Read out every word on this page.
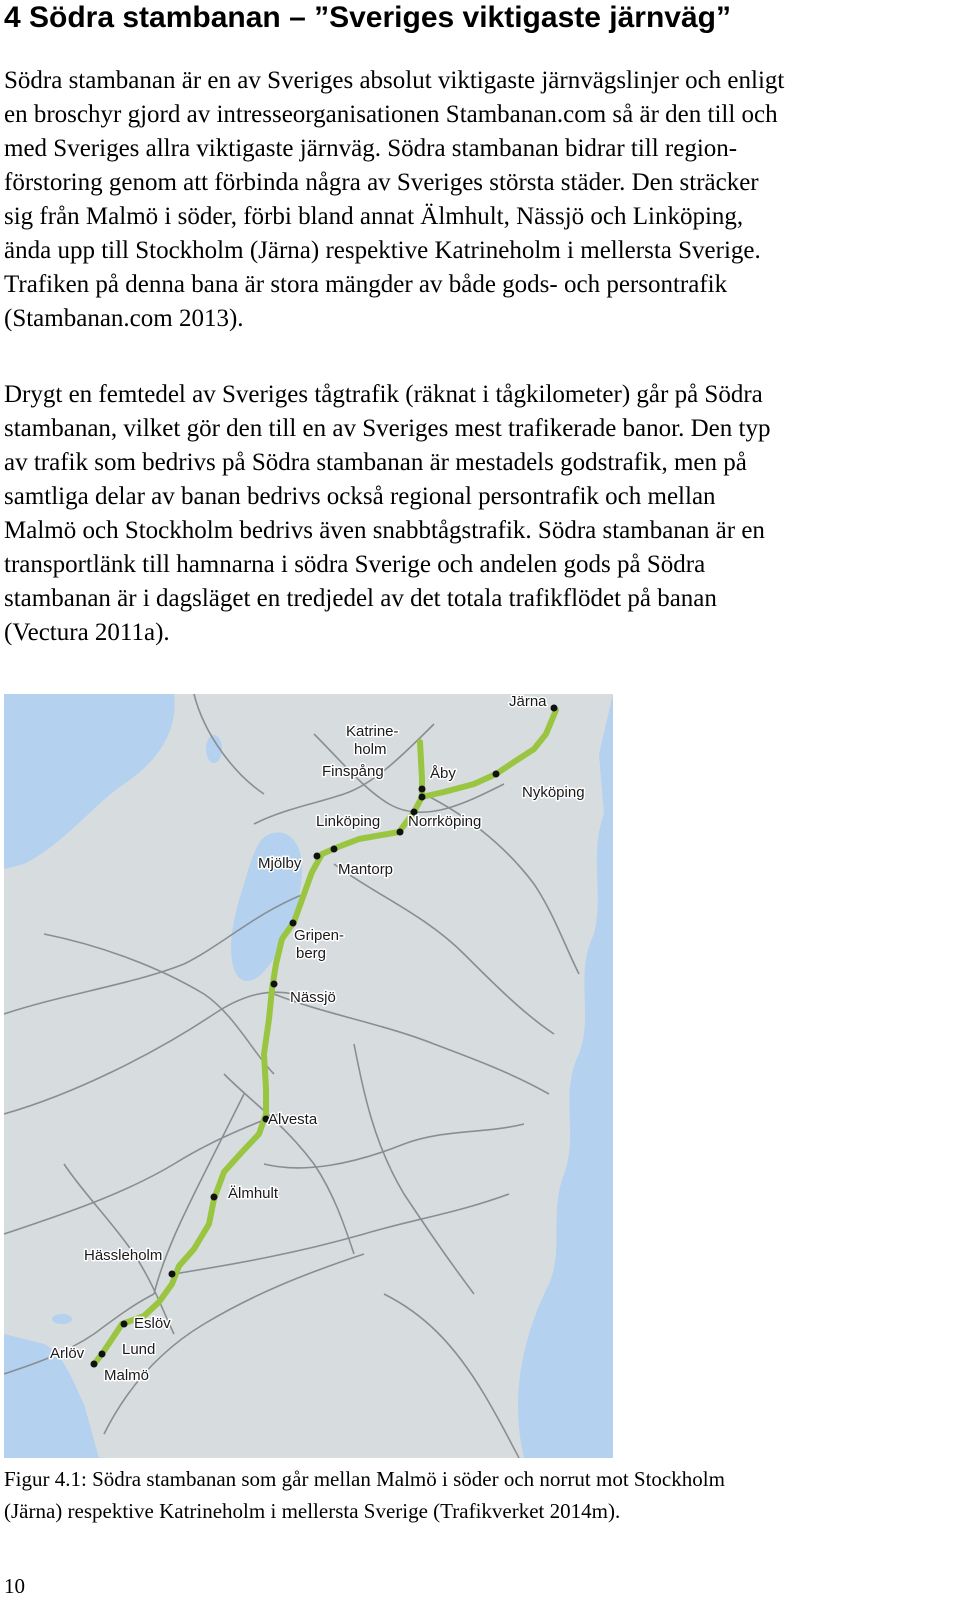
4 Södra stambanan – ”Sveriges viktigaste järnväg”
Södra stambanan är en av Sveriges absolut viktigaste järnvägslinjer och enligt
en broschyr gjord av intresseorganisationen Stambanan.com så är den till och
med Sveriges allra viktigaste järnväg. Södra stambanan bidrar till region-
förstoring genom att förbinda några av Sveriges största städer. Den sträcker
sig från Malmö i söder, förbi bland annat Älmhult, Nässjö och Linköping,
ända upp till Stockholm (Järna) respektive Katrineholm i mellersta Sverige.
Trafiken på denna bana är stora mängder av både gods- och persontrafik
(Stambanan.com 2013).
Drygt en femtedel av Sveriges tågtrafik (räknat i tågkilometer) går på Södra
stambanan, vilket gör den till en av Sveriges mest trafikerade banor. Den typ
av trafik som bedrivs på Södra stambanan är mestadels godstrafik, men på
samtliga delar av banan bedrivs också regional persontrafik och mellan
Malmö och Stockholm bedrivs även snabbtågstrafik. Södra stambanan är en
transportlänk till hamnarna i södra Sverige och andelen gods på Södra
stambanan är i dagsläget en tredjedel av det totala trafikflödet på banan
(Vectura 2011a).
Järna
Katrine-
holm
Finspång	Åby
Nyköping
Linköping Norrköping
Mjölby Mantorp
Gripen-
berg
Nässjö
Alvesta
Älmhult
Hässleholm
Eslöv
Arlöv	Lund
Malmö
Figur 4.1: Södra stambanan som går mellan Malmö i söder och norrut mot Stockholm
(Järna) respektive Katrineholm i mellersta Sverige (Trafikverket 2014m).
10
